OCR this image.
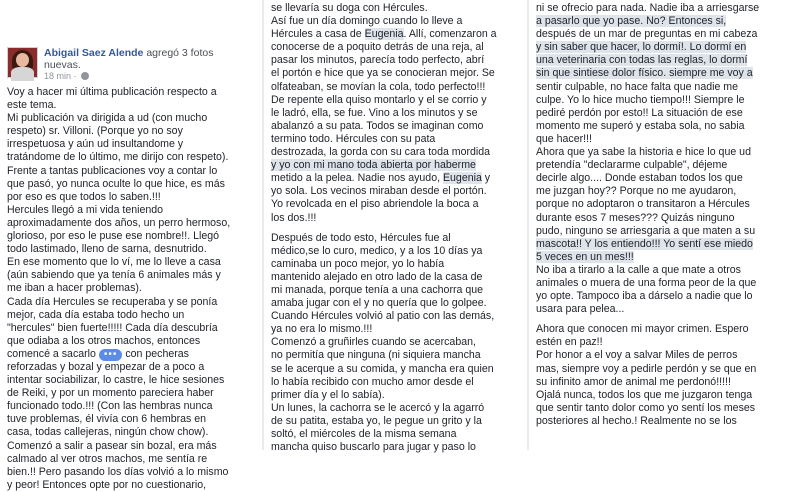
Abigail Saez Alende agregó 3 fotos
nuevas.
18 min ·
Voy a hacer mi última publicación respecto a
este tema.
Mi publicación va dirigida a ud (con mucho
respeto) sr. Villoni. (Porque yo no soy
irrespetuosa y aún ud insultandome y
tratándome de lo último, me dirijo con respeto).
Frente a tantas publicaciones voy a contar lo
que pasó, yo nunca oculte lo que hice, es más
por eso es que todos lo saben.!!!
Hercules llegó a mi vida teniendo
aproximadamente dos años, un perro hermoso,
glorioso, por eso le puse ese nombre!!. Llegó
todo lastimado, lleno de sarna, desnutrido.
En ese momento que lo ví, me lo lleve a casa
(aún sabiendo que ya tenía 6 animales más y
me iban a hacer problemas).
Cada día Hercules se recuperaba y se ponía
mejor, cada día estaba todo hecho un
"hercules" bien fuerte!!!!! Cada día descubría
que odiaba a los otros machos, entonces
comencé a sacarlo ••• con pecheras
reforzadas y bozal y empezar de a poco a
intentar sociabilizar, lo castre, le hice sesiones
de Reiki, y por un momento pareciera haber
funcionado todo.!!! (Con las hembras nunca
tuve problemas, él vivía con 6 hembras en
casa, todas callejeras, ningún chow chow).
Comenzó a salir a pasear sin bozal, era más
calmado al ver otros machos, me sentía re
bien.!! Pero pasando los días volvió a lo mismo
y peor! Entonces opte por no cuestionario,
se llevaría su doga con Hércules.
Así fue un día domingo cuando lo lleve a
Hércules a casa de Eugenia. Allí, comenzaron a
conocerse de a poquito detrás de una reja, al
pasar los minutos, parecía todo perfecto, abrí
el portón e hice que ya se conocieran mejor. Se
olfateaban, se movían la cola, todo perfecto!!!
De repente ella quiso montarlo y el se corrio y
le ladró, ella, se fue. Vino a los minutos y se
abalanzó a su pata. Todos se imaginan como
termino todo. Hércules con su pata
destrozada, la gorda con su cara toda mordida
y yo con mi mano toda abierta por haberme
metido a la pelea. Nadie nos ayudo, Eugenia y
yo sola. Los vecinos miraban desde el portón.
Yo revolcada en el piso abriendole la boca a
los dos.!!!
Después de todo esto, Hércules fue al
médico,se lo curo, medico, y a los 10 días ya
caminaba un poco mejor, yo lo había
mantenido alejado en otro lado de la casa de
mi manada, porque tenía a una cachorra que
amaba jugar con el y no quería que lo golpee.
Cuando Hércules volvió al patio con las demás,
ya no era lo mismo.!!!
Comenzó a gruñirles cuando se acercaban,
no permitía que ninguna (ni siquiera mancha
se le acerque a su comida, y mancha era quien
lo había recibido con mucho amor desde el
primer día y el lo sabía).
Un lunes, la cachorra se le acercó y la agarró
de su patita, estaba yo, le pegue un grito y la
soltó, el miércoles de la misma semana
mancha quiso buscarlo para jugar y paso lo
ni se ofrecio para nada. Nadie iba a arriesgarse
a pasarlo que yo pase. No? Entonces si,
después de un mar de preguntas en mi cabeza
y sin saber que hacer, lo dormí!. Lo dormí en
una veterinaria con todas las reglas, lo dormí
sin que sintiese dolor físico. siempre me voy a
sentir culpable, no hace falta que nadie me
culpe. Yo lo hice mucho tiempo!!! Siempre le
pediré perdón por esto!! La situación de ese
momento me superó y estaba sola, no sabia
que hacer!!!
Ahora que ya sabe la historia e hice lo que ud
pretendía "declararme culpable", déjeme
decirle algo.... Donde estaban todos los que
me juzgan hoy?? Porque no me ayudaron,
porque no adoptaron o transitaron a Hércules
durante esos 7 meses??? Quizás ninguno
pudo, ninguno se arriesgaria a que maten a su
mascota!! Y los entiendo!!! Yo sentí ese miedo
5 veces en un mes!!!
No iba a tirarlo a la calle a que mate a otros
animales o muera de una forma peor de la que
yo opte. Tampoco iba a dárselo a nadie que lo
usara para pelea...
Ahora que conocen mi mayor crimen. Espero
estén en paz!!
Por honor a el voy a salvar Miles de perros
mas, siempre voy a pedirle perdón y se que en
su infinito amor de animal me perdonó!!!!!
Ojalá nunca, todos los que me juzgaron tenga
que sentir tanto dolor como yo sentí los meses
posteriores al hecho.! Realmente no se los
